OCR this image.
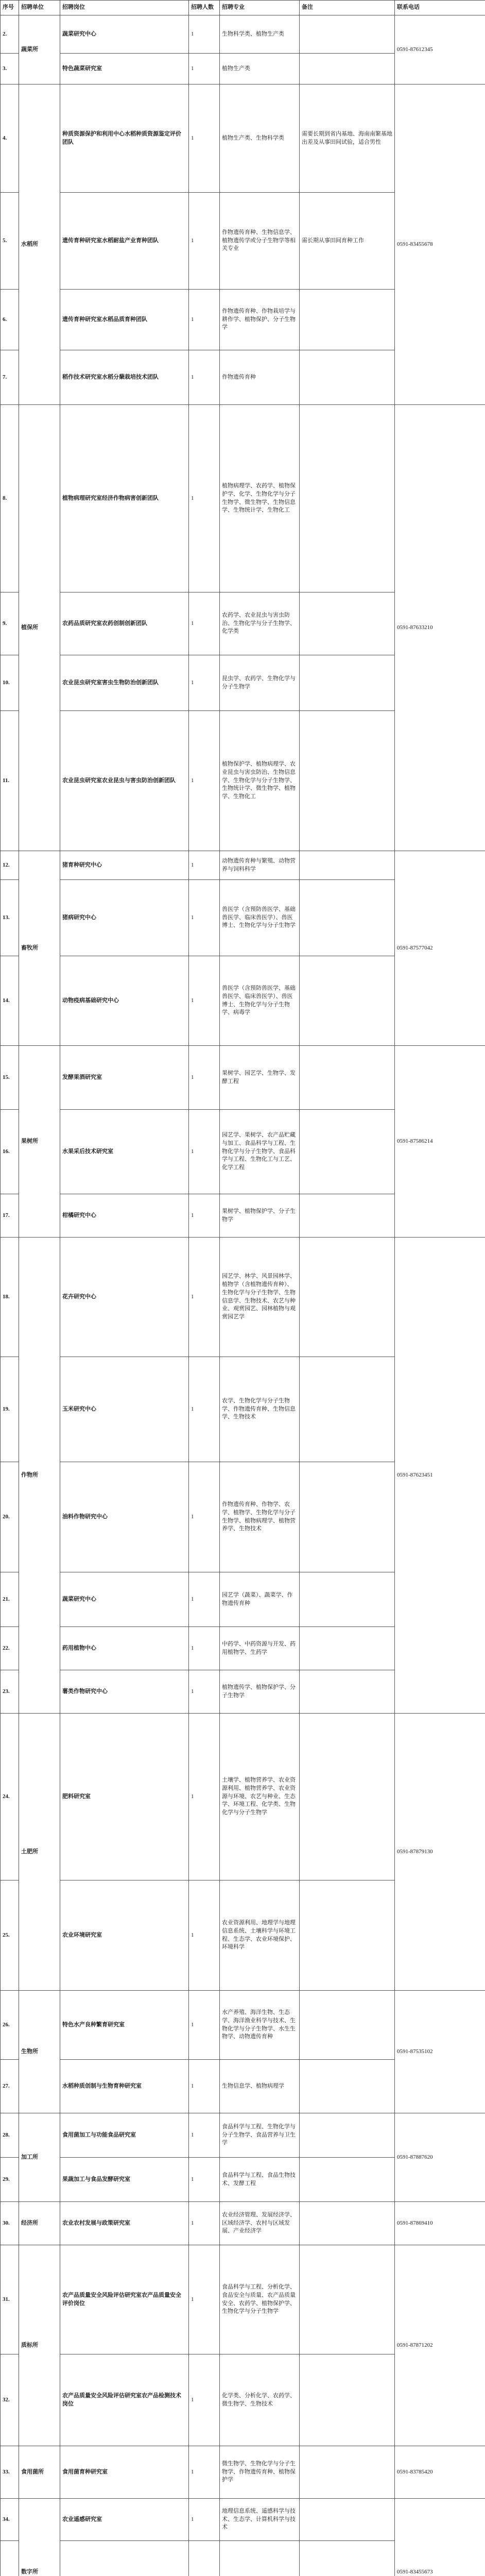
序号	招聘单位	招聘岗位	招聘人数	招聘专业	备注	联系电话
2.	蔬菜所	蔬菜研究中心	1	生物科学类、植物生产类		0591-87612345
3.		特色蔬菜研究室	1	植物生产类		
4.	水稻所	种质资源保护和利用中心水稻种质资源鉴定评价团队	1	植物生产类、生物科学类	需要长期到省内基地、海南南繁基地出差及从事田间试验，适合男性	0591-83455678
5.		遗传育种研究室水稻耐盐产业育种团队	1	作物遗传育种、生物信息学、植物遗传学或分子生物学等相关专业	需长期从事田间育种工作	
6.		遗传育种研究室水稻品质育种团队	1	作物遗传育种、作物栽培学与耕作学、植物保护、分子生物学		
7.		稻作技术研究室水稻分蘖栽培技术团队	1	作物遗传育种		
8.	植保所	植物病理研究室经济作物病害创新团队	1	植物病理学、农药学、植物保护学、化学、生物化学与分子生物学、微生物学、生物信息学、生物统计学、生物化工		0591-87633210
9.		农药品质研究室农药创制创新团队	1	农药学、农业昆虫与害虫防治、生物化学与分子生物学、化学类		
10.		农业昆虫研究室害虫生物防治创新团队	1	昆虫学、农药学、生物化学与分子生物学		
11.		农业昆虫研究室农业昆虫与害虫防治创新团队	1	植物保护学、植物病理学、农业昆虫与害虫防治、生物信息学、生物化学与分子生物学、生物统计学、微生物学、植物学、生物化工		
12.	畜牧所	猪育种研究中心	1	动物遗传育种与繁殖、动物营养与饲料科学		0591-87577042
13.		猪病研究中心	1	兽医学（含预防兽医学、基础兽医学、临床兽医学）、兽医博士、生物化学与分子生物学		
14.		动物疫病基础研究中心	1	兽医学（含预防兽医学、基础兽医学、临床兽医学）、兽医博士、生物化学与分子生物学、病毒学		
15.	果树所	发酵果酒研究室	1	果树学、园艺学、生物学、发酵工程		0591-87586214
16.		水果采后技术研究室	1	园艺学、果树学、农产品贮藏与加工、食品科学与工程、生物化学与分子生物学、食品科学与工程、生物化工与工艺、化学工程		
17.		柑橘研究中心	1	果树学、植物保护学、分子生物学		
18.	作物所	花卉研究中心	1	园艺学、林学、风景园林学、植物学（含植物遗传育种）、生物化学与分子生物学、生物信息学、生物技术、农艺与种业、观赏园艺、园林植物与观赏园艺学		0591-87623451
19.		玉米研究中心	1	农学、生物化学与分子生物学、作物遗传育种、生物信息学、生物技术		
20.		油料作物研究中心	1	作物遗传育种、作物学、农学、植物学、生物化学与分子生物学、植物病理学、植物营养学、生物技术		
21.		蔬菜研究中心	1	园艺学（蔬菜）、蔬菜学、作物遗传育种		
22.		药用植物中心	1	中药学、中药资源与开发、药用植物学、生药学		
23.		薯类作物研究中心	1	植物遗传学、植物保护学、分子生物学		
24.	土肥所	肥料研究室	1	土壤学、植物营养学、农业资源利用、植物营养学、农业资源与环境、农艺与种业、生态学、环境工程、化学类、生物化学与分子生物学		0591-87879130
25.		农业环境研究室	1	农业资源利用、地理学与地理信息系统、土壤科学与环境工程、生态学、农业环境保护、环境科学		
26.	生物所	特色水产良种繁育研究室	1	水产养殖、海洋生物、生态学、海洋渔业科学与技术、生物化学与分子生物学、水生生物学、动物遗传育种		0591-87535102
27.		水稻种质创制与生物育种研究室	1	生物信息学、植物病理学		
28.	加工所	食用菌加工与功能食品研究室	1	食品科学与工程、生物化学与分子生物学、食品营养与卫生学		0591-87887620
29.		果蔬加工与食品发酵研究室	1	食品科学与工程、食品生物技术、发酵工程		
30.	经济所	农业农村发展与政策研究室	1	农业经济管理、发展经济学、区域经济学、农村与区域发展、产业经济学		0591-87869410
31.	质标所	农产品质量安全风险评估研究室农产品质量安全评价岗位	1	食品科学与工程、分析化学、食品安全与质量、农产品质量安全、农药学、植物保护学、生物化学与分子生物学		0591-87871202
32.		农产品质量安全风险评估研究室农产品检测技术岗位	1	化学类、分析化学、农药学、微生物学、生物技术		
33.	食用菌所	食用菌育种研究室	1	微生物学、生物化学与分子生物学、作物遗传育种、植物保护学		0591-83785420
34.	数字所	农业遥感研究室	1	地理信息系统、遥感科学与技术、生态学、计算机科学与技术		0591-83455673
